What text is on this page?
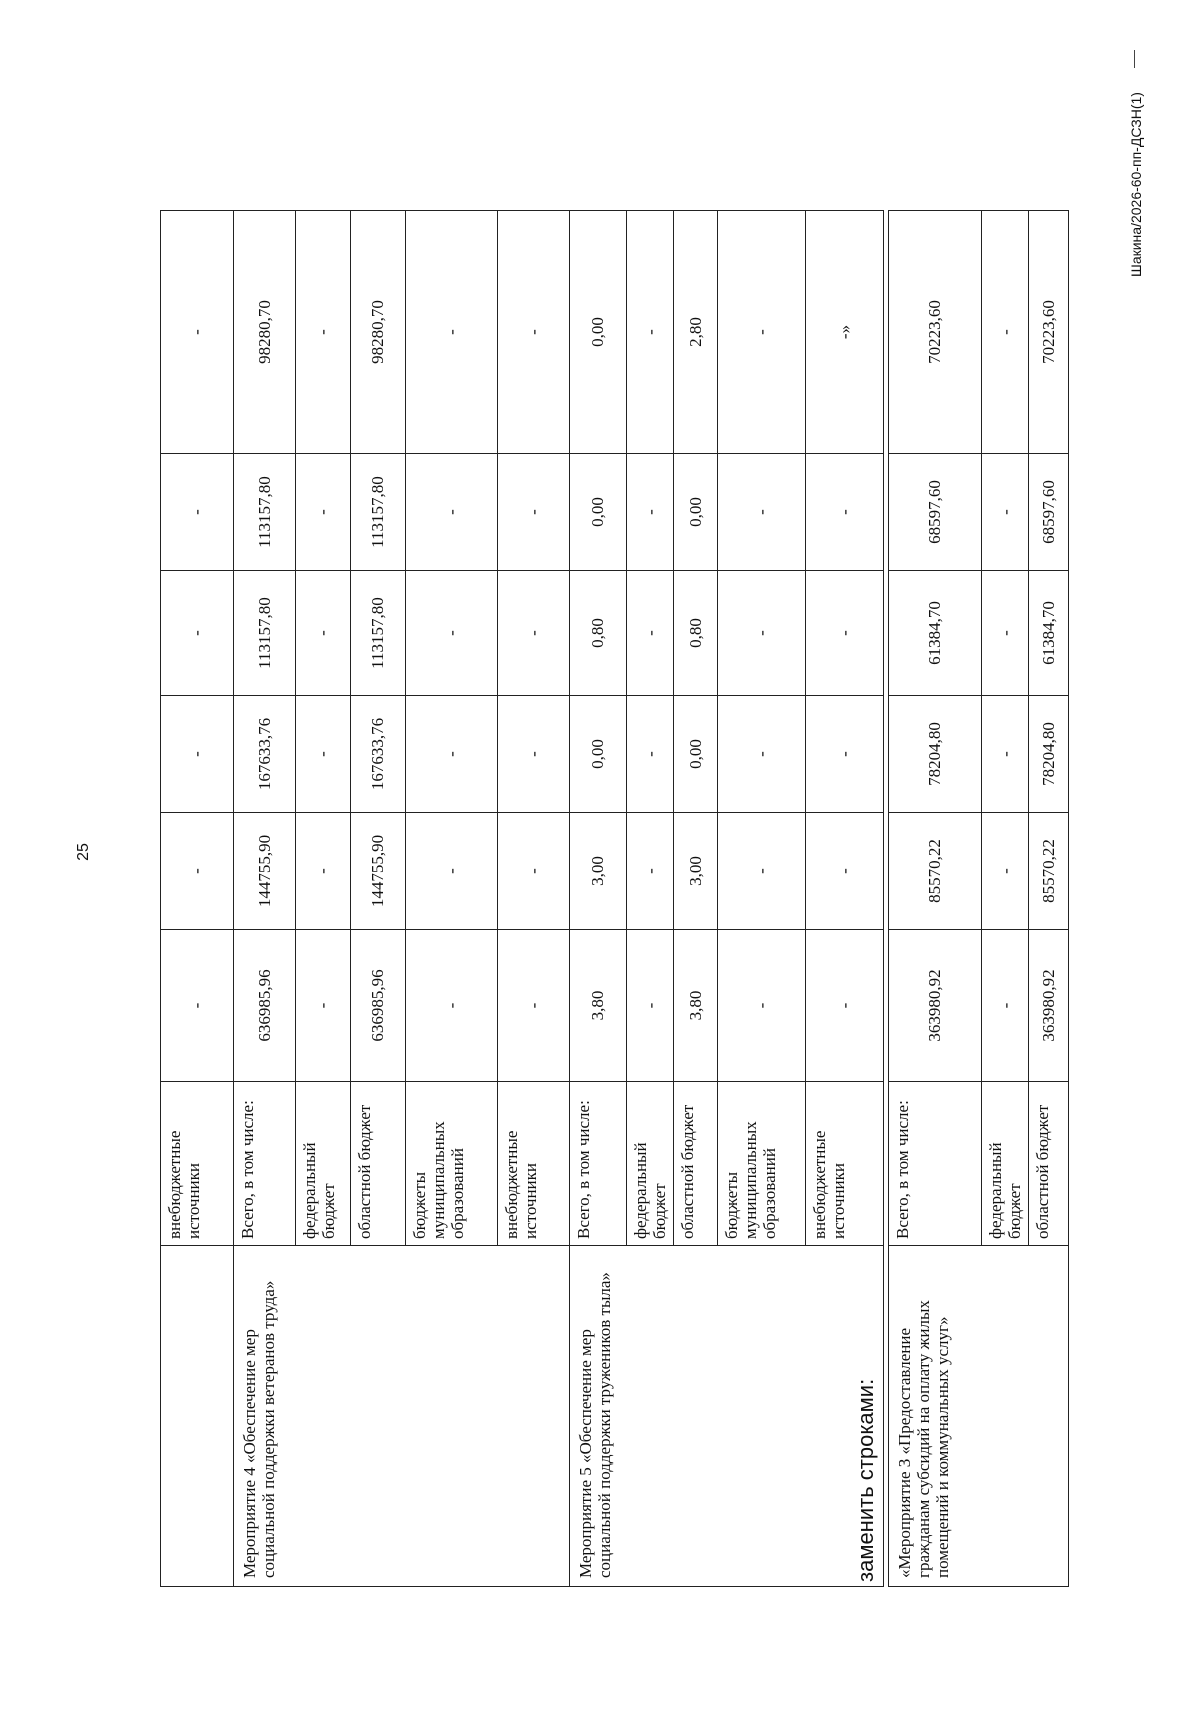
25
	внебюджетные источники	-	-	-	-	-	-
Мероприятие 4 «Обеспечение мер социальной поддержки ветеранов труда»	Всего, в том числе:	636985,96	144755,90	167633,76	113157,80	113157,80	98280,70
	федеральный бюджет	-	-	-	-	-	-
	областной бюджет	636985,96	144755,90	167633,76	113157,80	113157,80	98280,70
	бюджеты муниципальных образований	-	-	-	-	-	-
	внебюджетные источники	-	-	-	-	-	-
Мероприятие 5 «Обеспечение мер социальной поддержки тружеников тыла»	Всего, в том числе:	3,80	3,00	0,00	0,80	0,00	0,00
	федеральный бюджет	-	-	-	-	-	-
	областной бюджет	3,80	3,00	0,00	0,80	0,00	2,80
	бюджеты муниципальных образований	-	-	-	-	-	-
	внебюджетные источники	-	-	-	-	-	-»
заменить строками: «Мероприятие 3 «Предоставление гражданам субсидий на оплату жилых помещений и коммунальных услуг»	Всего, в том числе:	363980,92	85570,22	78204,80	61384,70	68597,60	70223,60
	федеральный бюджет	-	-	-	-	-	-
	областной бюджет	363980,92	85570,22	78204,80	61384,70	68597,60	70223,60
Шакина/2026-60-пп-ДСЗН(1)
